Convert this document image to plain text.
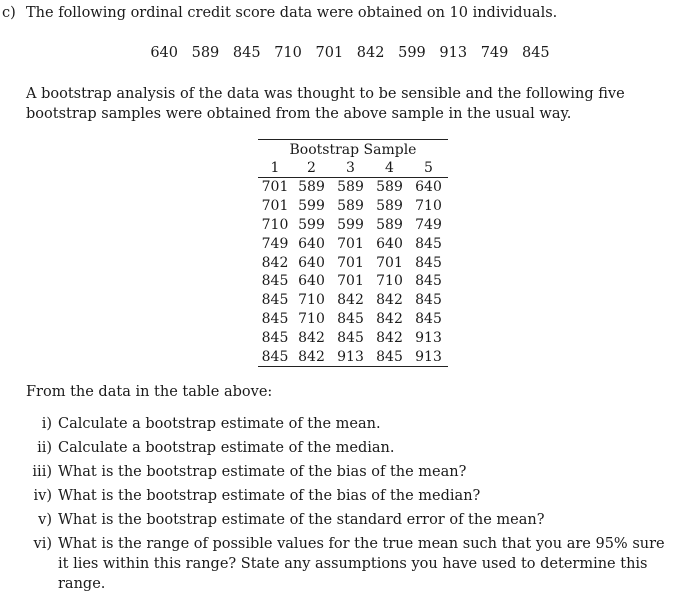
c) The following ordinal credit score data were obtained on 10 individuals.
640 589 845 710 701 842 599 913 749 845
A bootstrap analysis of the data was thought to be sensible and the following five bootstrap samples were obtained from the above sample in the usual way.
Bootstrap Sample				
1	2	3	4	5
701	589	589	589	640
701	599	589	589	710
710	599	599	589	749
749	640	701	640	845
842	640	701	701	845
845	640	701	710	845
845	710	842	842	845
845	710	845	842	845
845	842	845	842	913
845	842	913	845	913
From the data in the table above:
i) Calculate a bootstrap estimate of the mean.
ii) Calculate a bootstrap estimate of the median.
iii) What is the bootstrap estimate of the bias of the mean?
iv) What is the bootstrap estimate of the bias of the median?
v) What is the bootstrap estimate of the standard error of the mean?
vi) What is the range of possible values for the true mean such that you are 95% sure it lies within this range? State any assumptions you have used to determine this range.
